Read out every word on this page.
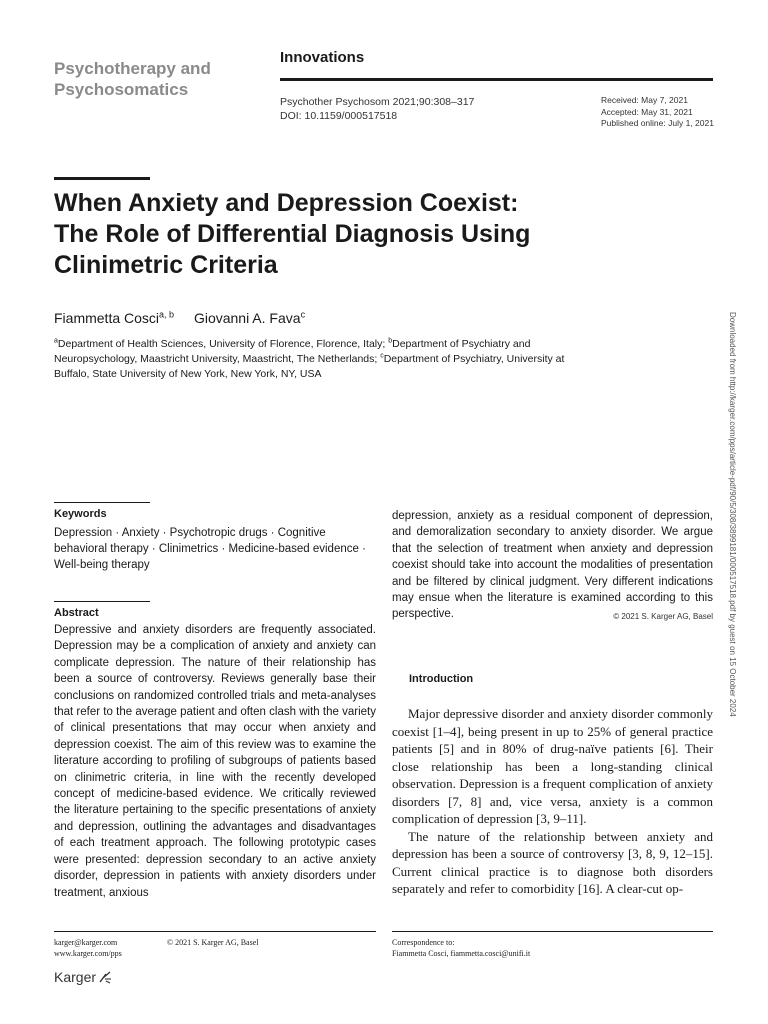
Psychotherapy and
Psychosomatics
Innovations
Psychother Psychosom 2021;90:308–317
DOI: 10.1159/000517518
Received: May 7, 2021
Accepted: May 31, 2021
Published online: July 1, 2021
When Anxiety and Depression Coexist:
The Role of Differential Diagnosis Using
Clinimetric Criteria
Fiammetta Cosci$^{a, b}$ Giovanni A. Fava$^c$
$^a$Department of Health Sciences, University of Florence, Florence, Italy; $^b$Department of Psychiatry and Neuropsychology, Maastricht University, Maastricht, The Netherlands; $^c$Department of Psychiatry, University at Buffalo, State University of New York, New York, NY, USA	Downloaded from http://karger.com/pps/article-pdf/90/5/308/3899181/000517518.pdf by guest on 15 October 2024
Keywords
Depression · Anxiety · Psychotropic drugs · Cognitive behavioral therapy · Clinimetrics · Medicine-based evidence · Well-being therapy
Abstract

Depressive and anxiety disorders are frequently associated. Depression may be a complication of anxiety and anxiety can complicate depression. The nature of their relationship has been a source of controversy. Reviews generally base their conclusions on randomized controlled trials and meta-analyses that refer to the average patient and often clash with the variety of clinical presentations that may occur when anxiety and depression coexist. The aim of this review was to examine the literature according to profiling of subgroups of patients based on clinimetric criteria, in line with the recently developed concept of medicine-based evidence. We critically reviewed the literature pertaining to the specific presentations of anxiety and depression, outlining the advantages and disadvantages of each treatment approach. The following prototypic cases were presented: depression secondary to an active anxiety disorder, depression in patients with anxiety disorders under treatment, anxious

depression, anxiety as a residual component of depression, and demoralization secondary to anxiety disorder. We argue that the selection of treatment when anxiety and depression coexist should take into account the modalities of presentation and be filtered by clinical judgment. Very different indications may ensue when the literature is examined according to this perspective.	© 2021 S. Karger AG, Basel

Introduction

Major depressive disorder and anxiety disorder commonly coexist [1–4], being present in up to 25% of general practice patients [5] and in 80% of drug-naïve patients [6]. Their close relationship has been a long-standing clinical observation. Depression is a frequent complication of anxiety disorders [7, 8] and, vice versa, anxiety is a common complication of depression [3, 9–11].

The nature of the relationship between anxiety and depression has been a source of controversy [3, 8, 9, 12–15]. Current clinical practice is to diagnose both disorders separately and refer to comorbidity [16]. A clear-cut op-

karger@karger.com
www.karger.com/pps
© 2021 S. Karger AG, Basel	Correspondence to:
Fiammetta Cosci, fiammetta.cosci@unifi.it
Karger
